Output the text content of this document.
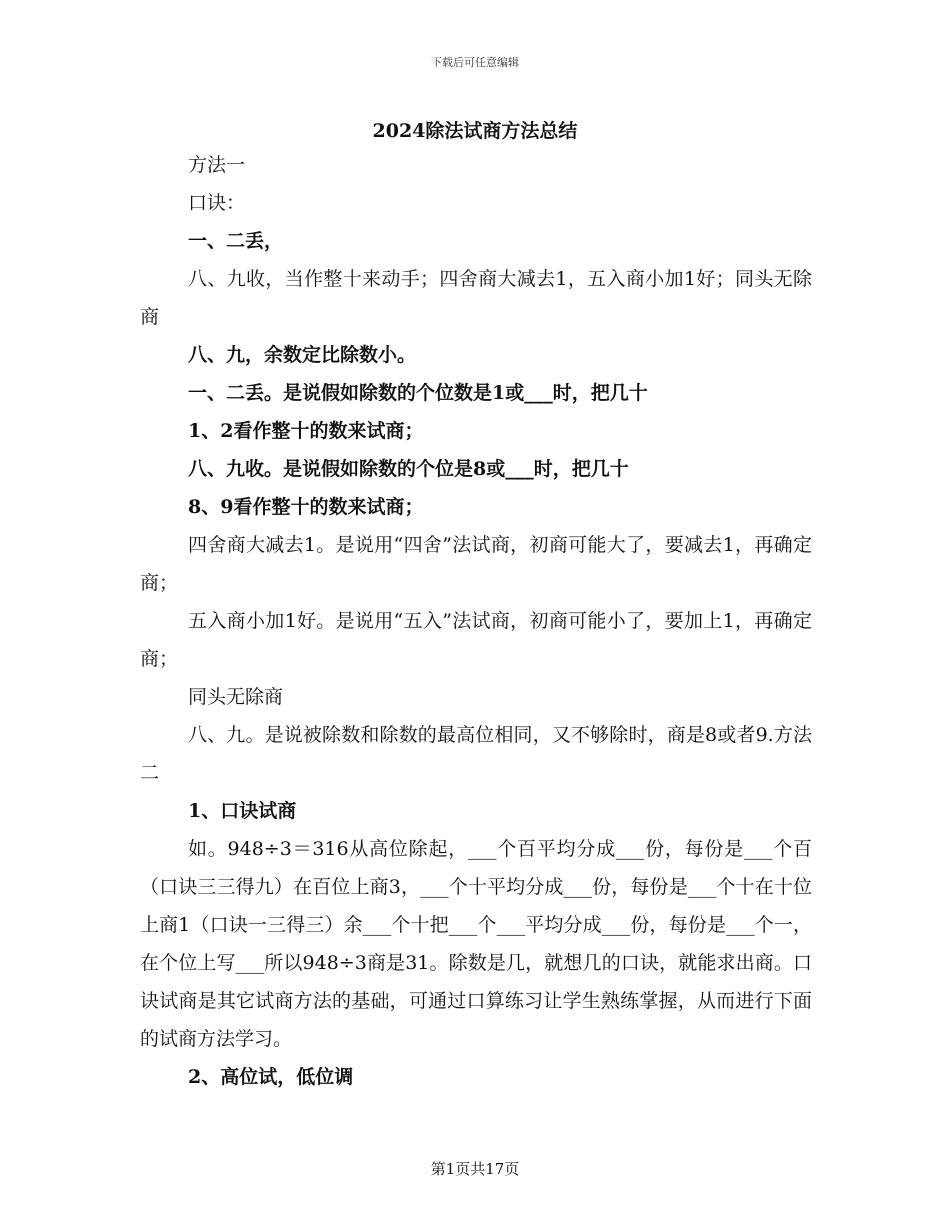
下载后可任意编辑
2024除法试商方法总结

方法一

口诀：

一、二丢，

八、九收，当作整十来动手；四舍商大减去1，五入商小加1好；同头无除商

八、九，余数定比除数小。

一、二丢。是说假如除数的个位数是1或___时，把几十

1、2看作整十的数来试商；

八、九收。是说假如除数的个位是8或___时，把几十

8、9看作整十的数来试商；

四舍商大减去1。是说用“四舍”法试商，初商可能大了，要减去1，再确定商；

五入商小加1好。是说用“五入”法试商，初商可能小了，要加上1，再确定商；

同头无除商

八、九。是说被除数和除数的最高位相同，又不够除时，商是8或者9.方法二

1、口诀试商

如。948÷3＝316从高位除起，___个百平均分成___份，每份是___个百（口诀三三得九）在百位上商3，___个十平均分成___份，每份是___个十在十位上商1（口诀一三得三）余___个十把___个___平均分成___份，每份是___个一，在个位上写___所以948÷3商是31。除数是几，就想几的口诀，就能求出商。口诀试商是其它试商方法的基础，可通过口算练习让学生熟练掌握，从而进行下面的试商方法学习。

2、高位试，低位调

第1页共17页
